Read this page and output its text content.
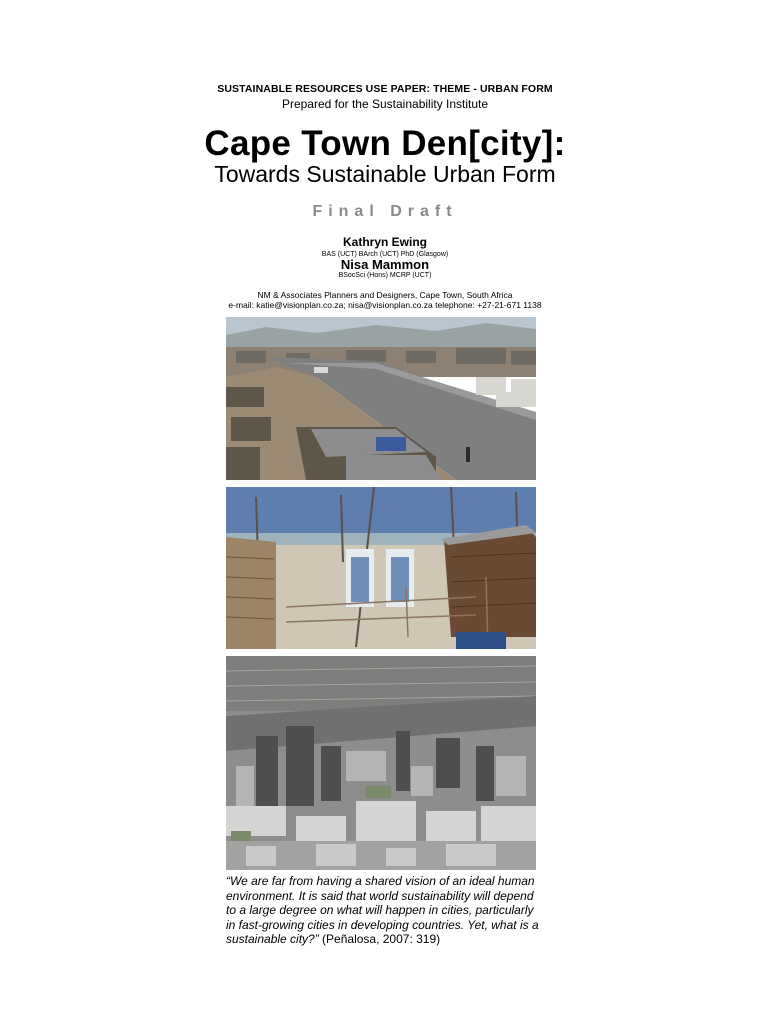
SUSTAINABLE RESOURCES USE PAPER: THEME - URBAN FORM
Prepared for the Sustainability Institute
Cape Town Den[city]:
Towards Sustainable Urban Form
Final Draft
Kathryn Ewing
BAS (UCT) BArch (UCT) PhD (Glasgow)
Nisa Mammon
BSocSci (Hons) MCRP (UCT)
NM & Associates Planners and Designers, Cape Town, South Africa
e-mail: katie@visionplan.co.za; nisa@visionplan.co.za telephone: +27-21-671 1138
“We are far from having a shared vision of an ideal human environment. It is said that world sustainability will depend to a large degree on what will happen in cities, particularly in fast-growing cities in developing countries. Yet, what is a sustainable city?” (Peñalosa, 2007: 319)
